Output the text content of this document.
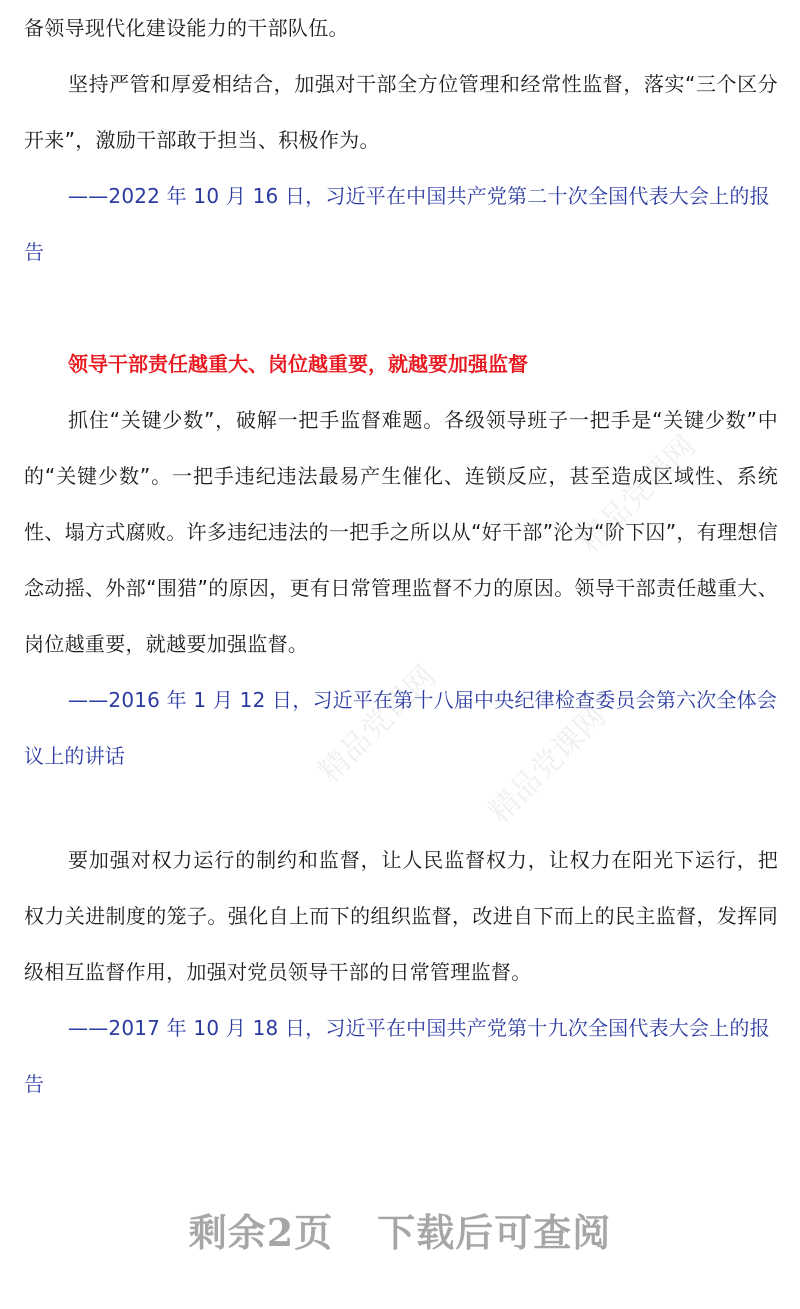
精品党课网
精品党课网 精品党课网

备领导现代化建设能力的干部队伍。

坚持严管和厚爱相结合，加强对干部全方位管理和经常性监督，落实“三个区分开来”，激励干部敢于担当、积极作为。

——2022 年 10 月 16 日，习近平在中国共产党第二十次全国代表大会上的报告

领导干部责任越重大、岗位越重要，就越要加强监督

抓住“关键少数”，破解一把手监督难题。各级领导班子一把手是“关键少数”中的“关键少数”。一把手违纪违法最易产生催化、连锁反应，甚至造成区域性、系统性、塌方式腐败。许多违纪违法的一把手之所以从“好干部”沦为“阶下囚”，有理想信念动摇、外部“围猎”的原因，更有日常管理监督不力的原因。领导干部责任越重大、岗位越重要，就越要加强监督。

——2016 年 1 月 12 日，习近平在第十八届中央纪律检查委员会第六次全体会议上的讲话

要加强对权力运行的制约和监督，让人民监督权力，让权力在阳光下运行，把权力关进制度的笼子。强化自上而下的组织监督，改进自下而上的民主监督，发挥同级相互监督作用，加强对党员领导干部的日常管理监督。

——2017 年 10 月 18 日，习近平在中国共产党第十九次全国代表大会上的报告

剩余2页 下载后可查阅
